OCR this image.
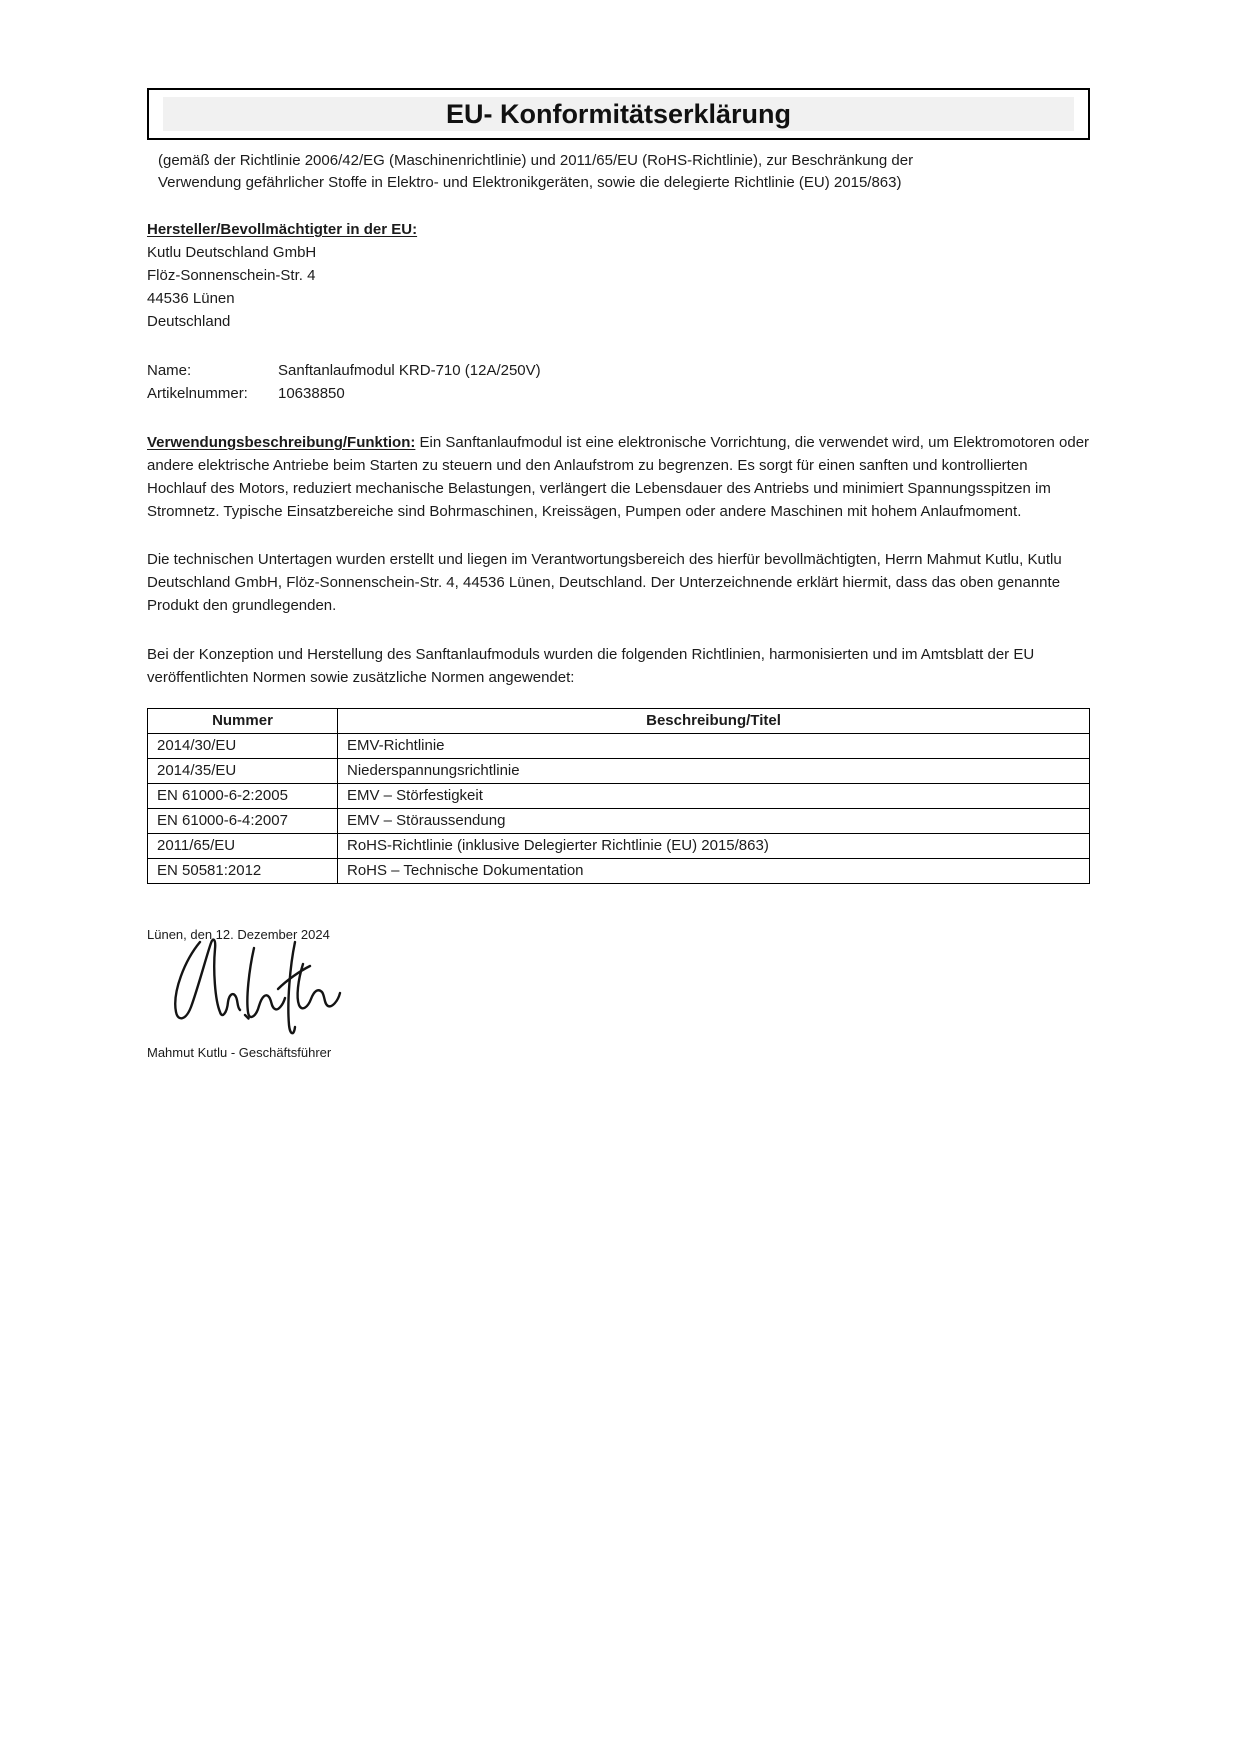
EU- Konformitätserklärung
(gemäß der Richtlinie 2006/42/EG (Maschinenrichtlinie) und 2011/65/EU (RoHS-Richtlinie), zur Beschränkung der
Verwendung gefährlicher Stoffe in Elektro- und Elektronikgeräten, sowie die delegierte Richtlinie (EU) 2015/863)
Hersteller/Bevollmächtigter in der EU:
Kutlu Deutschland GmbH
Flöz-Sonnenschein-Str. 4
44536 Lünen
Deutschland
Name:	Sanftanlaufmodul KRD-710 (12A/250V)
Artikelnummer:	10638850

Verwendungsbeschreibung/Funktion: Ein Sanftanlaufmodul ist eine elektronische Vorrichtung, die verwendet wird, um Elektromotoren oder andere elektrische Antriebe beim Starten zu steuern und den Anlaufstrom zu begrenzen. Es sorgt für einen sanften und kontrollierten Hochlauf des Motors, reduziert mechanische Belastungen, verlängert die Lebensdauer des Antriebs und minimiert Spannungsspitzen im Stromnetz. Typische Einsatzbereiche sind Bohrmaschinen, Kreissägen, Pumpen oder andere Maschinen mit hohem Anlaufmoment.

Die technischen Untertagen wurden erstellt und liegen im Verantwortungsbereich des hierfür bevollmächtigten, Herrn Mahmut Kutlu, Kutlu Deutschland GmbH, Flöz-Sonnenschein-Str. 4, 44536 Lünen, Deutschland. Der Unterzeichnende erklärt hiermit, dass das oben genannte Produkt den grundlegenden.

Bei der Konzeption und Herstellung des Sanftanlaufmoduls wurden die folgenden Richtlinien, harmonisierten und im Amtsblatt der EU veröffentlichten Normen sowie zusätzliche Normen angewendet:

Nummer	Beschreibung/Titel
2014/30/EU	EMV-Richtlinie
2014/35/EU	Niederspannungsrichtlinie
EN 61000-6-2:2005	EMV – Störfestigkeit
EN 61000-6-4:2007	EMV – Störaussendung
2011/65/EU	RoHS-Richtlinie (inklusive Delegierter Richtlinie (EU) 2015/863)
EN 50581:2012	RoHS – Technische Dokumentation
Lünen, den 12. Dezember 2024
Mahmut Kutlu - Geschäftsführer
